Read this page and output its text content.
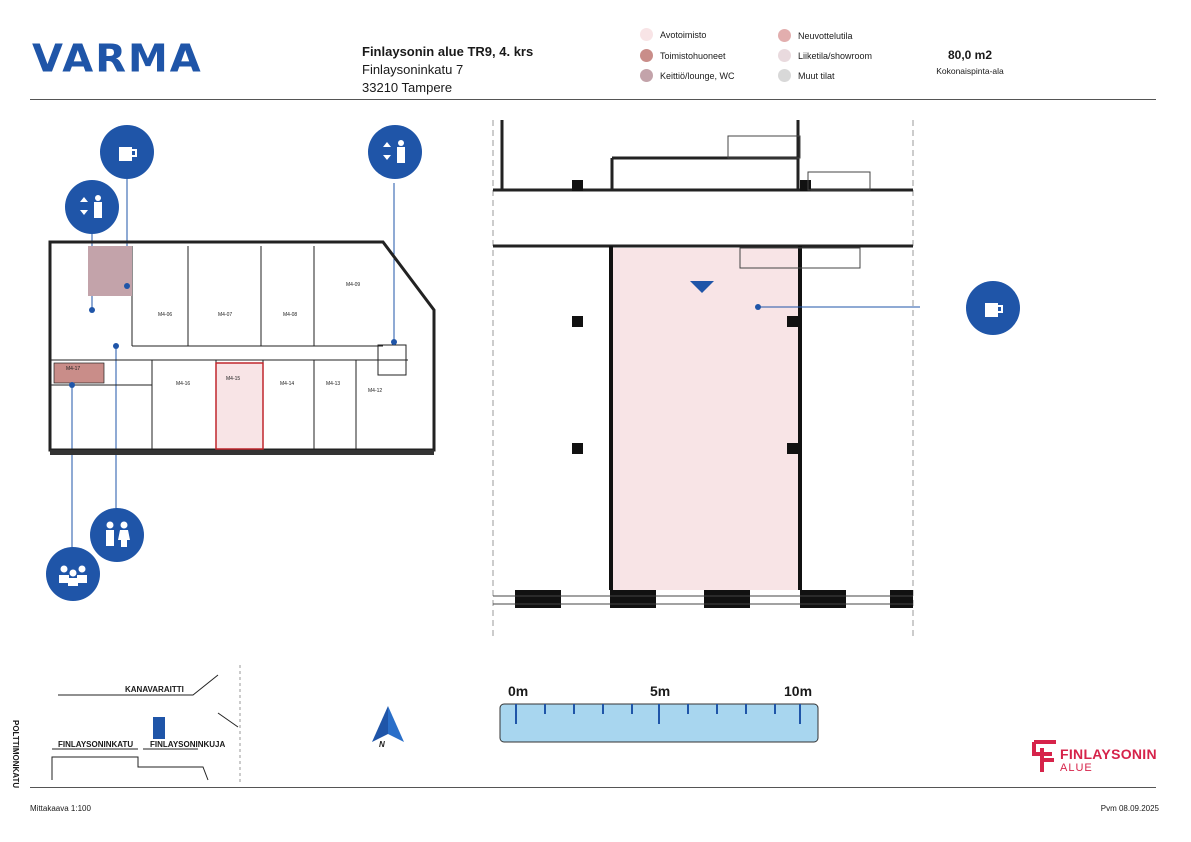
VARMA	Finlaysonin alue TR9, 4. krs
Finlaysoninkatu 7
33210 Tampere
Avotoimisto
Toimistohuoneet
Keittiö/lounge, WC
Neuvottelutila
Liiketila/showroom
Muut tilat
80,0 m2
Kokonaispinta-ala
M4-06	M4-07	M4-08
M4-09
M4-17
M4-16
M4-15
M4-14	M4-13
M4-12
KANAVARAITTI
POLTTIMONKATU	FINLAYSONINKATU FINLAYSONINKUJA	N
0m	5m	10m
FINLAYSONIN
ALUE
Mittakaava 1:100	Pvm 08.09.2025
